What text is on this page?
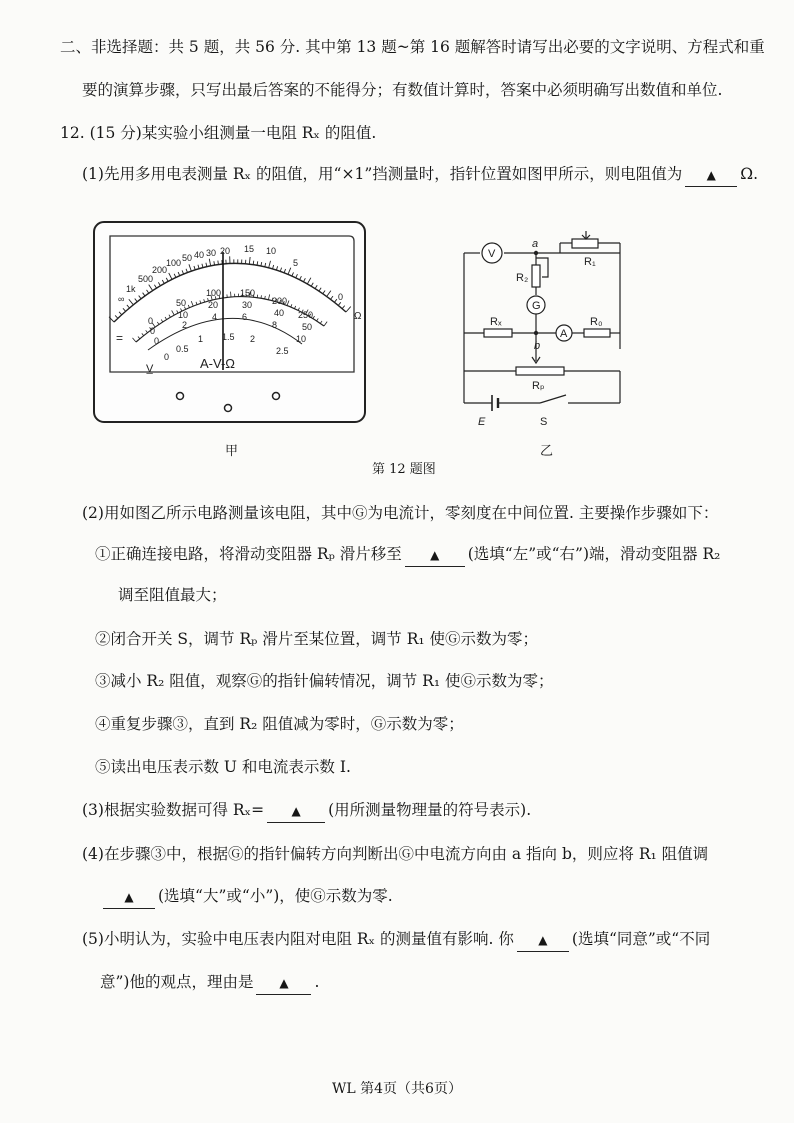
二、非选择题：共 5 题，共 56 分. 其中第 13 题~第 16 题解答时请写出必要的文字说明、方程式和重
要的演算步骤，只写出最后答案的不能得分；有数值计算时，答案中必须明确写出数值和单位.
12. (15 分)某实验小组测量一电阻 Rₓ 的阻值.
(1)先用多用电表测量 Rₓ 的阻值，用“×1”挡测量时，指针位置如图甲所示，则电阻值为 ▲ Ω.
∞
1k
500
200
100 50 40 30 20 15 10
5
0
Ω
0
50
100 150
200
250
0
10
20	30
40
50
0
2
4	6
8
10
0
0.5
1 1.5 2
2.5
=
V̲	A-V-Ω
V
a
R₁
R₂
G
Rₓ
A
R₀
b
Rₚ
E	S
甲	乙
第 12 题图
(2)用如图乙所示电路测量该电阻，其中Ⓖ为电流计，零刻度在中间位置. 主要操作步骤如下：
①正确连接电路，将滑动变阻器 Rₚ 滑片移至 ▲ (选填“左”或“右”)端，滑动变阻器 R₂
调至阻值最大；
②闭合开关 S，调节 Rₚ 滑片至某位置，调节 R₁ 使Ⓖ示数为零；
③减小 R₂ 阻值，观察Ⓖ的指针偏转情况，调节 R₁ 使Ⓖ示数为零；
④重复步骤③，直到 R₂ 阻值减为零时，Ⓖ示数为零；
⑤读出电压表示数 U 和电流表示数 I.
(3)根据实验数据可得 Rₓ= ▲ (用所测量物理量的符号表示).
(4)在步骤③中，根据Ⓖ的指针偏转方向判断出Ⓖ中电流方向由 a 指向 b，则应将 R₁ 阻值调
▲ (选填“大”或“小”)，使Ⓖ示数为零.
(5)小明认为，实验中电压表内阻对电阻 Rₓ 的测量值有影响. 你 ▲ (选填“同意”或“不同
意”)他的观点，理由是 ▲ .
WL 第4页（共6页）
